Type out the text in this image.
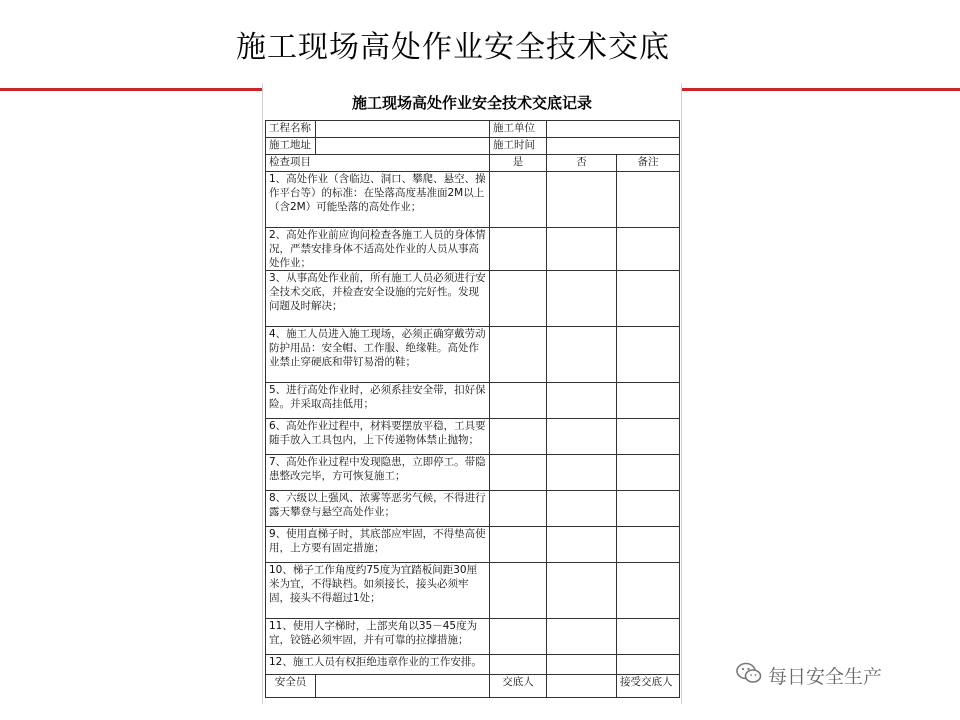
施工现场高处作业安全技术交底
施工现场高处作业安全技术交底记录
工程名称		施工单位		
施工地址		施工时间		
检查项目		是	否	备注
1、高处作业（含临边、洞口、攀爬、悬空、操作平台等）的标准：在坠落高度基准面2M以上（含2M）可能坠落的高处作业；				
2、高处作业前应询问检查各施工人员的身体情况，严禁安排身体不适高处作业的人员从事高处作业；				
3、从事高处作业前，所有施工人员必须进行安全技术交底，并检查安全设施的完好性。发现问题及时解决；				
4、施工人员进入施工现场，必须正确穿戴劳动防护用品：安全帽、工作服、绝缘鞋。高处作业禁止穿硬底和带钉易滑的鞋；				
5、进行高处作业时，必须系挂安全带，扣好保险。并采取高挂低用；				
6、高处作业过程中，材料要摆放平稳，工具要随手放入工具包内，上下传递物体禁止抛物；				
7、高处作业过程中发现隐患，立即停工。带隐患整改完毕，方可恢复施工；				
8、六级以上强风、浓雾等恶劣气候，不得进行露天攀登与悬空高处作业；				
9、使用直梯子时，其底部应牢固，不得垫高使用，上方要有固定措施；				
10、梯子工作角度约75度为宜踏板间距30厘米为宜，不得缺档。如须接长，接头必须牢固，接头不得超过1处；				
11、使用人字梯时，上部夹角以35－45度为宜，铰链必须牢固，并有可靠的拉撑措施；				
12、施工人员有权拒绝违章作业的工作安排。				
安全员		交底人		接受交底人	每日安全生产
